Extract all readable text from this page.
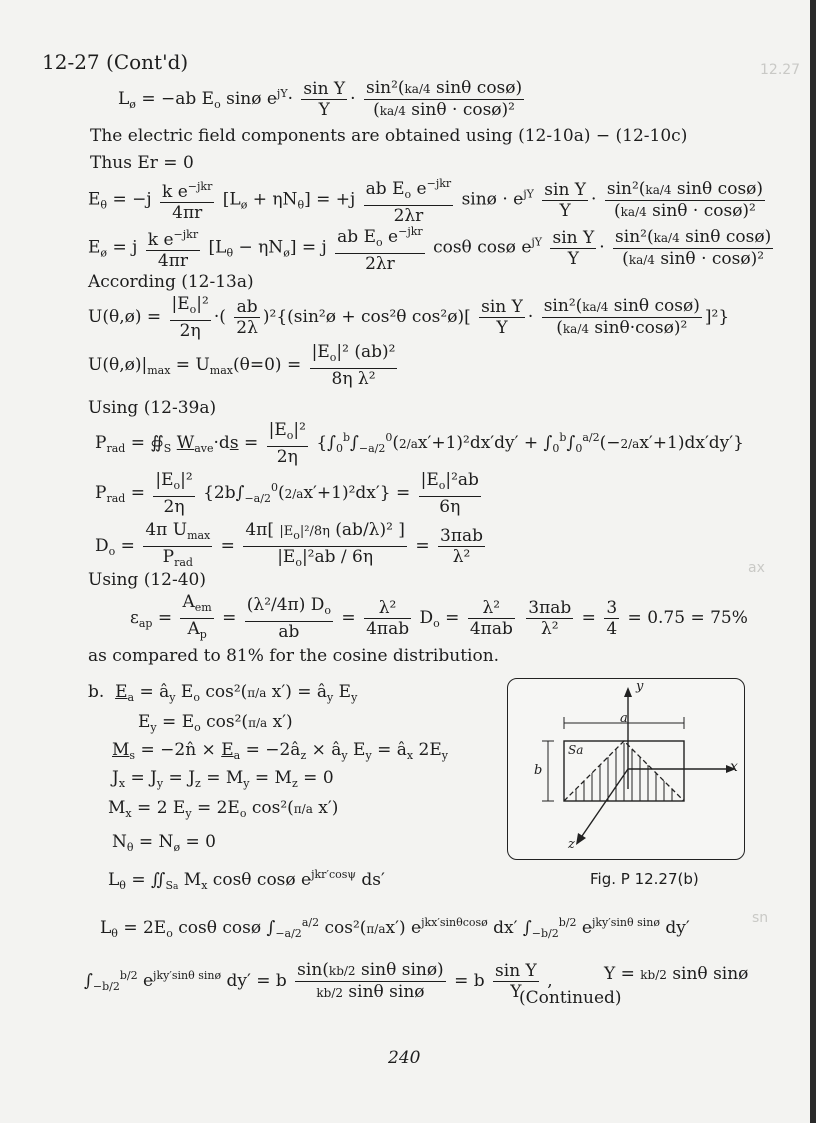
12.27
ax
sn
12-27 (Cont'd)
$L_ø = -ab$ $E_o$ sinø $e^{jY}\cdot \frac{\text{sin Y}}{Y} \cdot \frac{\text{sin²(ka/4 sinθ cosø)}}{\text{(ka/4 sinθ · cosø)²}}$
The electric field components are obtained using (12-10a) − (12-10c)
Thus Er = 0
$E_\theta = -j \frac{k e^{-jkr}}{4\pi r} [L_ø + \eta N_\theta] = +j \frac{ab E_o e^{-jkr}}{2\lambda r}$ sinø · $e^{jY} \frac{\text{sin Y}}{Y} \cdot \frac{\text{sin²(ka/4 sinθ cosø)}}{\text{(ka/4 sinθ · cosø)²}}$
$E_ø = j \frac{k e^{-jkr}}{4\pi r} [L_\theta - \eta N_ø] = j \frac{ab E_o e^{-jkr}}{2\lambda r}$ cosθ cosø $e^{jY} \frac{\text{sin Y}}{Y} \cdot \frac{\text{sin²(ka/4 sinθ cosø)}}{\text{(ka/4 sinθ · cosø)²}}$
According (12-13a)
U(θ,ø) = $\frac{|E_o|^2}{2\eta}$ ·( $\frac{ab}{2\lambda}$ )²{(sin²ø + cos²θ cos²ø)[ $\frac{\text{sin Y}}{Y} \cdot \frac{\text{sin²(ka/4 sinθ cosø)}}{\text{(ka/4 sinθ·cosø)²}} ]^2$}
$U(\theta,ø)|_{max} = U_{max}(\theta=0) = \frac{|E_o|^2 (ab)^2}{\text{8η λ²}}$
Using (12-39a)
$P_{rad}$ = $∯_S$ $W_{ave}\cdot ds = \frac{|E_o|^2}{2\eta} \{\int_0^b\int_{-a/2}^0(2/ax'+1)^2dx'dy' + \int_0^b\int_0^{a/2}(-2/ax'+1)dx'dy'\}$
$P_{rad} = \frac{|E_o|^2}{2\eta} \{2b\int_{-a/2}^0(2/ax'+1)^2dx'\} = \frac{|E_o|^2ab}{6\eta}$
$D_o = \frac{4\pi U_{max}}{P_{rad}} = \frac{4\pi[ |E_o|^2/8\eta (ab/\lambda)^2 ]}{|E_o|^2ab / 6\eta} = \frac{\text{3πab}}{\text{λ²}}$
Using (12-40)
$\varepsilon_{ap} = \frac{A_{em}}{A_p} = \frac{(\lambda^2/4\pi) D_o}{ab} = \frac{\text{λ²}}{\text{4πab}} D_o = \frac{\text{λ²}}{\text{4πab}}$
$\frac{\text{3πab}}{\text{λ²}} = \frac{3}{4} = 0.75 = 75\%$
as compared to 81% for the cosine distribution.
b.  $E_a$ = $â_y$ $E_o$ cos²(π/a $x') = â_y$ $E_y$
$E_y = E_o$ cos²(π/a x′)
$M_s$ = −2n̂ × $E_a$ = $-2â_z$ × $â_y$ $E_y$ = $â_x$ $2E_y$
$J_x = J_y = J_z = M_y = M_z = 0$
$M_x = 2$ $E_y = 2E_o$ cos²(π/a x′)
$N_\theta = N_ø = 0$
$L_\theta$ = $∬_{Sa}$ $M_x$ cosθ cosø $e^{jkr'cos\psi}$ ds′
$L_\theta = 2E_o$ cosθ cosø $\int_{-a/2}^{a/2}$ cos²(π/ax′) $e^{jkx'sin\theta cosø}$ dx′ $\int_{-b/2}^{b/2}$ $e^{jky'sin\theta sinø}$ dy′
$\int_{-b/2}^{b/2}$ $e^{jky'sin\theta sinø}$ dy′ = b $\frac{\text{sin(kb/2 sinθ sinø)}}{\text{kb/2 sinθ sinø}} = b \frac{\text{sin Y}}{Y}$ ,	Y = kb/2 sinθ sinø
(Continued)
y
x
z
a
b
Sa
Fig. P 12.27(b)
240
